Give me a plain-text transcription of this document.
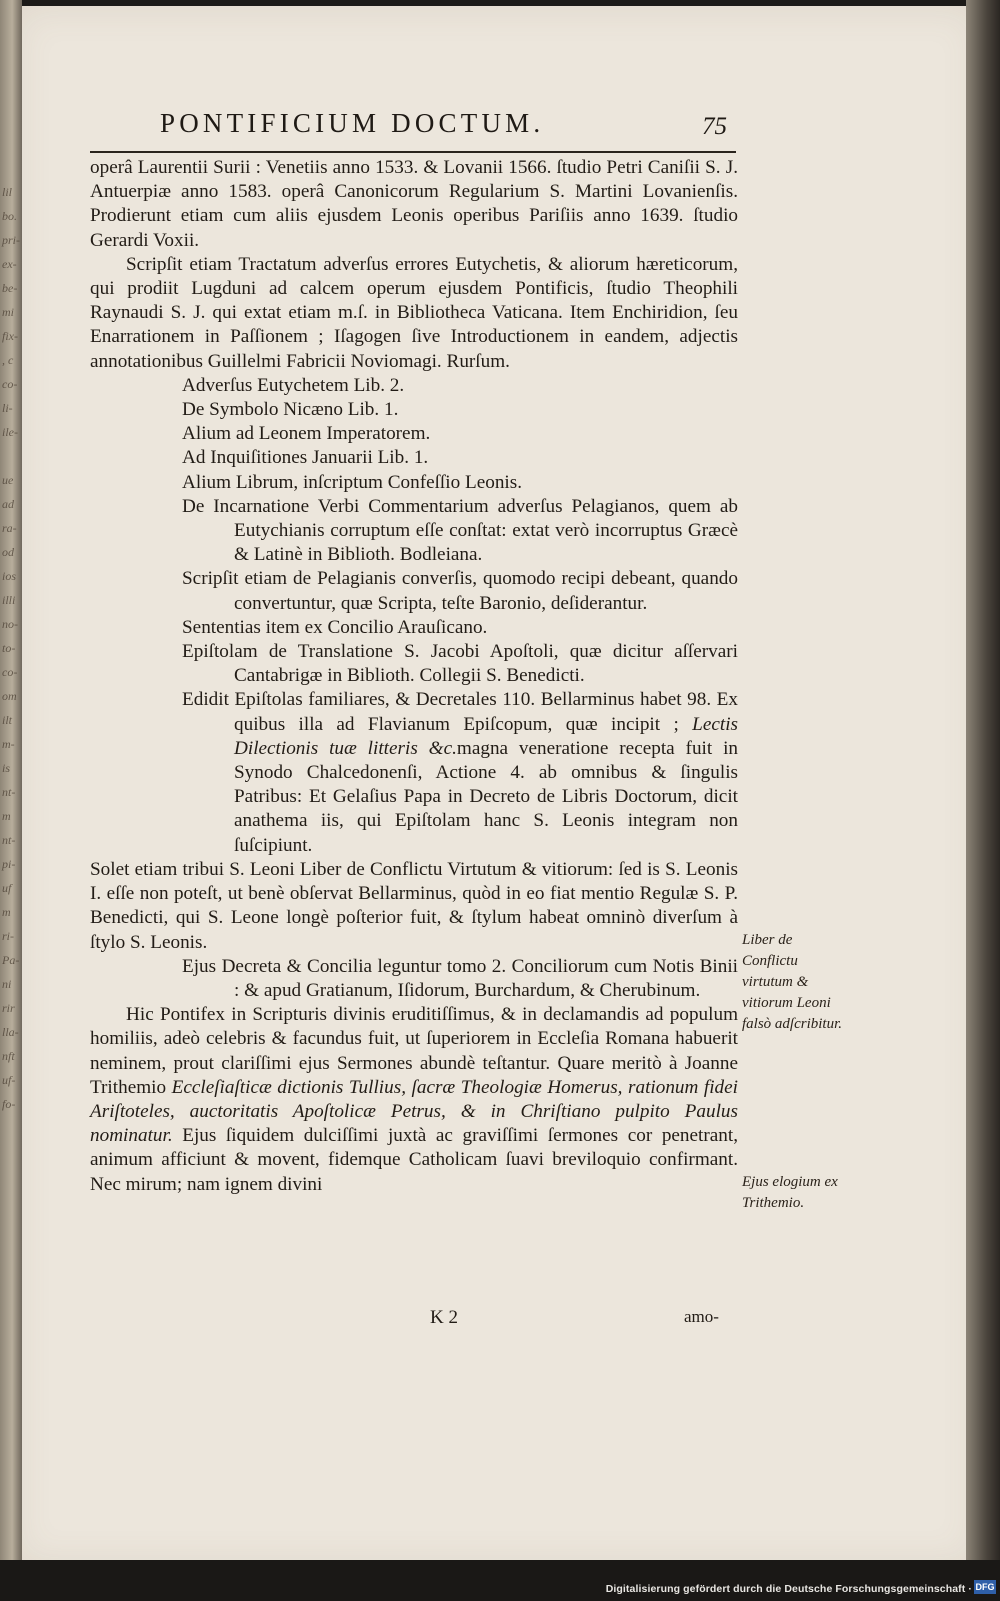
lil
bo.
pri-
ex-
be-
mi
fix-
, c
co-
li-
ile-

ue
ad
ra-
od
ios
illi
no-
to-
co-
om
ilt
m-
is
nt-
m
nt-
pi-
uf
m
ri-
Pa-
ni
rir
lla-
nft
uf-
fo-
PONTIFICIUM DOCTUM.	75

operâ Laurentii Surii : Venetiis anno 1533. & Lovanii 1566. ſtudio Petri Caniſii S. J. Antuerpiæ anno 1583. operâ Canonicorum Regularium S. Martini Lovanienſis. Prodierunt etiam cum aliis ejusdem Leonis operibus Pariſiis anno 1639. ſtudio Gerardi Voxii.

Scripſit etiam Tractatum adverſus errores Eutychetis, & aliorum hæreticorum, qui prodiit Lugduni ad calcem operum ejusdem Pontificis, ſtudio Theophili Raynaudi S. J. qui extat etiam m.ſ. in Bibliotheca Vaticana. Item Enchiridion, ſeu Enarrationem in Paſſionem ; Iſagogen ſive Introductionem in eandem, adjectis annotationibus Guillelmi Fabricii Noviomagi. Rurſum.

Adverſus Eutychetem Lib. 2.

De Symbolo Nicæno Lib. 1.

Alium ad Leonem Imperatorem.

Ad Inquiſitiones Januarii Lib. 1.

Alium Librum, inſcriptum Confeſſio Leonis.

De Incarnatione Verbi Commentarium adverſus Pelagianos, quem ab Eutychianis corruptum eſſe conſtat: extat verò incorruptus Græcè & Latinè in Biblioth. Bodleiana.

Scripſit etiam de Pelagianis converſis, quomodo recipi debeant, quando convertuntur, quæ Scripta, teſte Baronio, deſiderantur.

Sententias item ex Concilio Arauſicano.

Epiſtolam de Translatione S. Jacobi Apoſtoli, quæ dicitur aſſervari Cantabrigæ in Biblioth. Collegii S. Benedicti.

Edidit Epiſtolas familiares, & Decretales 110. Bellarminus habet 98. Ex quibus illa ad Flavianum Epiſcopum, quæ incipit ; Lectis Dilectionis tuæ litteris &c.magna veneratione recepta fuit in Synodo Chalcedonenſi, Actione 4. ab omnibus & ſingulis Patribus: Et Gelaſius Papa in Decreto de Libris Doctorum, dicit anathema iis, qui Epiſtolam hanc S. Leonis integram non ſuſcipiunt.

Solet etiam tribui S. Leoni Liber de Conflictu Virtutum & vitiorum: ſed is S. Leonis I. eſſe non poteſt, ut benè obſervat Bellarminus, quòd in eo fiat mentio Regulæ S. P. Benedicti, qui S. Leone longè poſterior fuit, & ſtylum habeat omninò diverſum à ſtylo S. Leonis.

Ejus Decreta & Concilia leguntur tomo 2. Conciliorum cum Notis Binii : & apud Gratianum, Iſidorum, Burchardum, & Cherubinum.

Hic Pontifex in Scripturis divinis eruditiſſimus, & in declamandis ad populum homiliis, adeò celebris & facundus fuit, ut ſuperiorem in Eccleſia Romana habuerit neminem, prout clariſſimi ejus Sermones abundè teſtantur. Quare meritò à Joanne Trithemio Eccleſiaſticæ dictionis Tullius, ſacræ Theologiæ Homerus, rationum fidei Ariſtoteles, auctoritatis Apoſtolicæ Petrus, & in Chriſtiano pulpito Paulus nominatur. Ejus ſiquidem dulciſſimi juxtà ac graviſſimi ſermones cor penetrant, animum afficiunt & movent, fidemque Catholicam ſuavi breviloquio confirmant. Nec mirum; nam ignem divini

Liber de Conflictu virtutum & vitiorum Leoni falsò adſcribitur.
Ejus elogium ex Trithemio.
K 2	amo-
Digitalisierung gefördert durch die Deutsche Forschungsgemeinschaft · DFG
